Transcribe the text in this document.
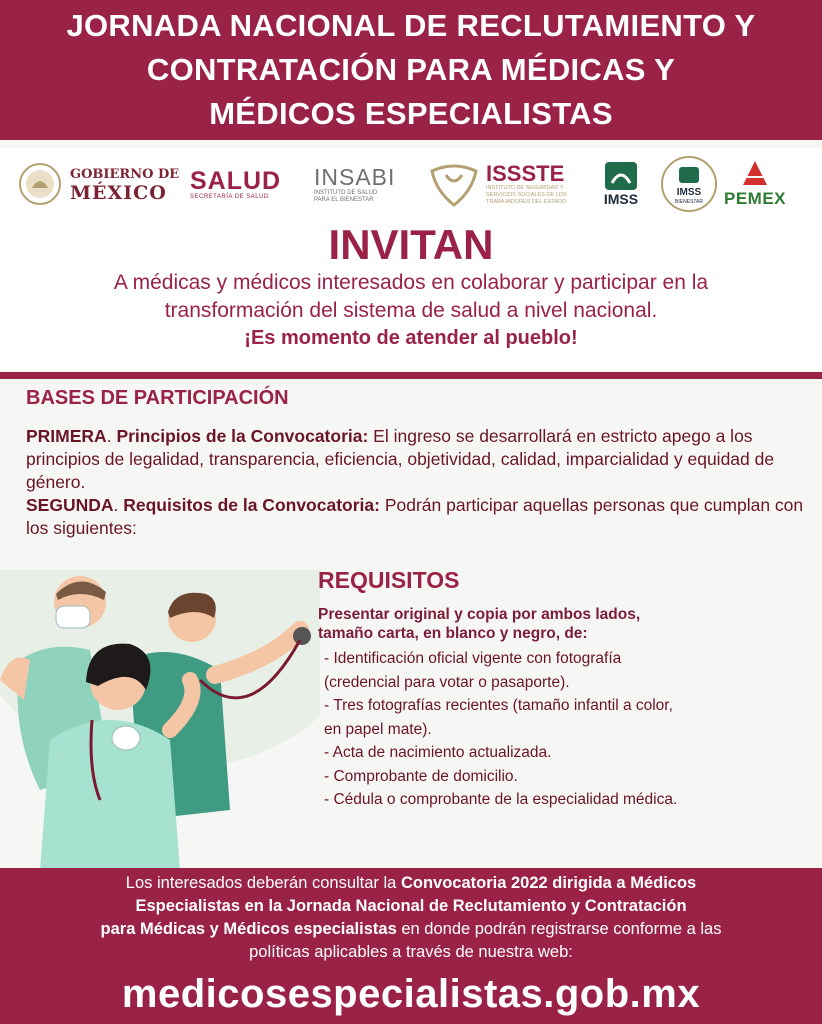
JORNADA NACIONAL DE RECLUTAMIENTO Y
CONTRATACIÓN PARA MÉDICAS Y
MÉDICOS ESPECIALISTAS
GOBIERNO DE
MÉXICO SALUD
SECRETARÍA DE SALUD
INSABI
INSTITUTO DE SALUD PARA EL BIENESTAR
ISSSTE
INSTITUTO DE SEGURIDAD Y SERVICIOS SOCIALES DE LOS TRABAJADORES DEL ESTADO	IMSS	IMSS
BIENESTAR PEMEX
INVITAN
A médicas y médicos interesados en colaborar y participar en la
transformación del sistema de salud a nivel nacional.
¡Es momento de atender al pueblo!
BASES DE PARTICIPACIÓN
PRIMERA. Principios de la Convocatoria: El ingreso se desarrollará en estricto apego a los principios de legalidad, transparencia, eficiencia, objetividad, calidad, imparcialidad y equidad de género.
SEGUNDA. Requisitos de la Convocatoria: Podrán participar aquellas personas que cumplan con los siguientes:
REQUISITOS
Presentar original y copia por ambos lados,
tamaño carta, en blanco y negro, de:
- Identificación oficial vigente con fotografía
(credencial para votar o pasaporte).
- Tres fotografías recientes (tamaño infantil a color,
en papel mate).
- Acta de nacimiento actualizada.
- Comprobante de domicilio.
- Cédula o comprobante de la especialidad médica.
Los interesados deberán consultar la Convocatoria 2022 dirigida a Médicos
Especialistas en la Jornada Nacional de Reclutamiento y Contratación
para Médicas y Médicos especialistas en donde podrán registrarse conforme a las
políticas aplicables a través de nuestra web:
medicosespecialistas.gob.mx
